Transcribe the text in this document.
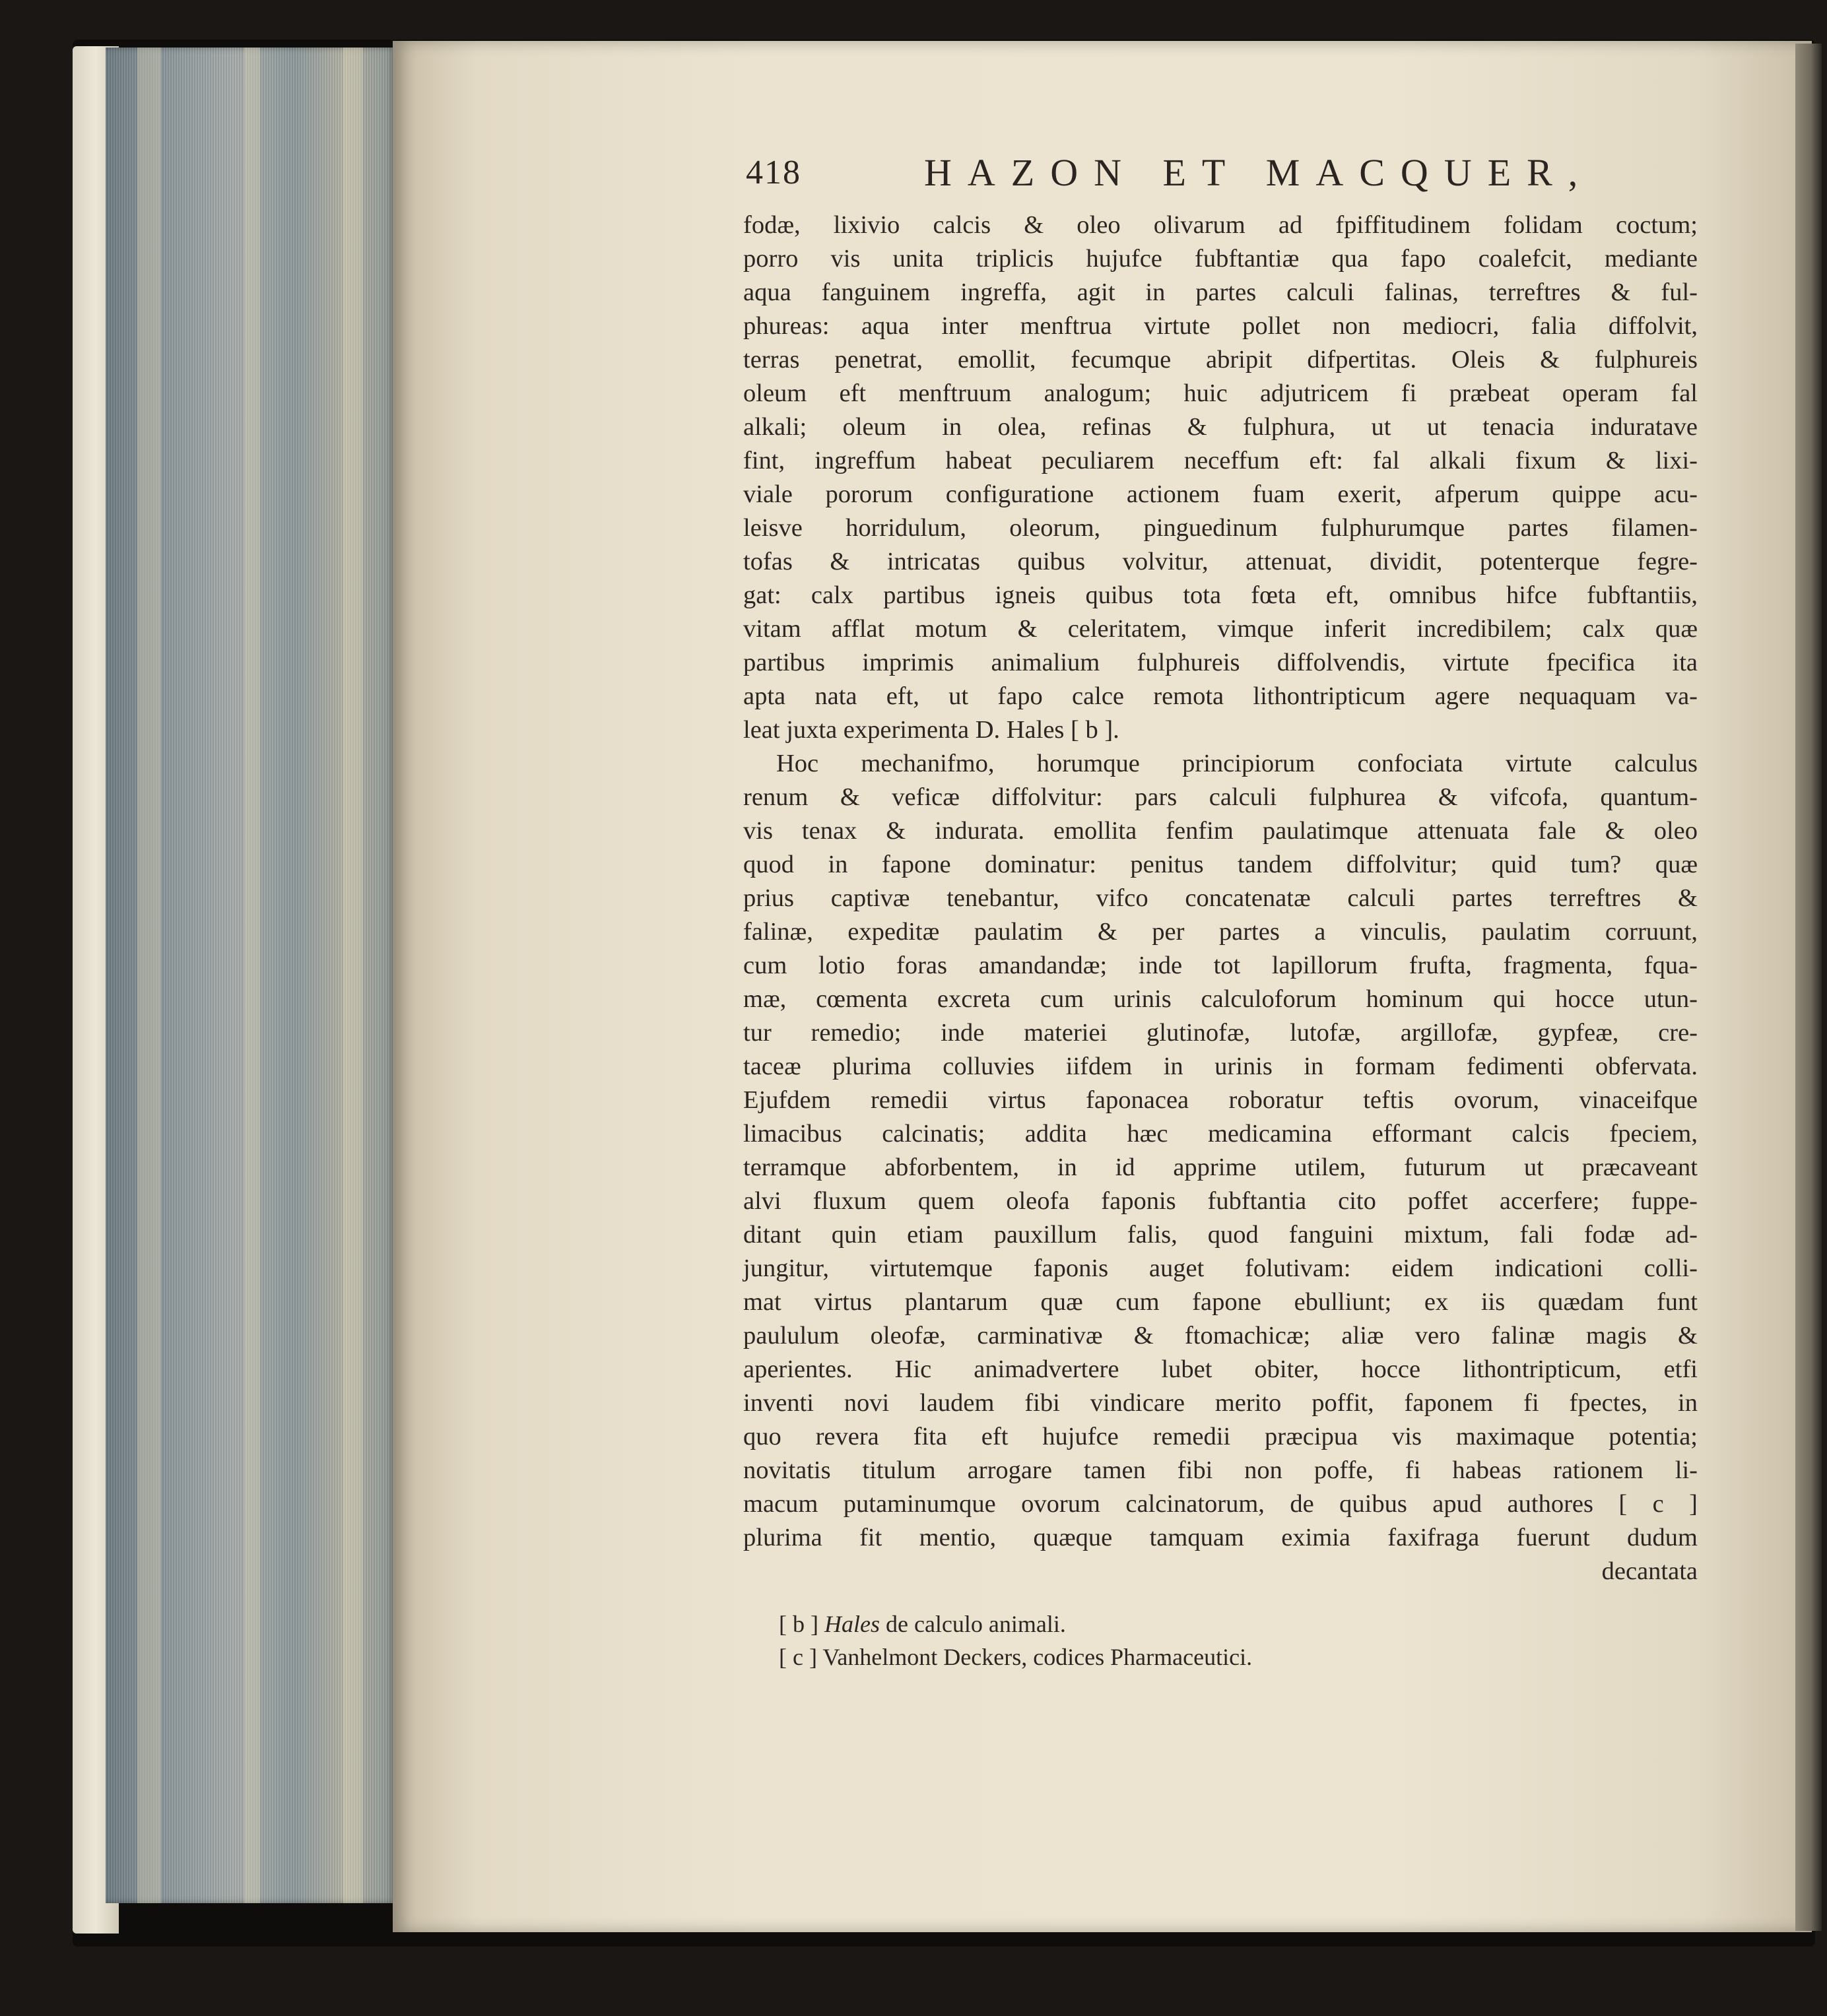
418	HAZON ET MACQUER,
fodæ, lixivio calcis & oleo olivarum ad fpiffitudinem folidam coctum;
porro vis unita triplicis hujufce fubftantiæ qua fapo coalefcit, mediante
aqua fanguinem ingreffa, agit in partes calculi falinas, terreftres & ful-
phureas: aqua inter menftrua virtute pollet non mediocri, falia diffolvit,
terras penetrat, emollit, fecumque abripit difpertitas. Oleis & fulphureis
oleum eft menftruum analogum; huic adjutricem fi præbeat operam fal
alkali; oleum in olea, refinas & fulphura, ut ut tenacia induratave
fint, ingreffum habeat peculiarem neceffum eft: fal alkali fixum & lixi-
viale pororum configuratione actionem fuam exerit, afperum quippe acu-
leisve horridulum, oleorum, pinguedinum fulphurumque partes filamen-
tofas & intricatas quibus volvitur, attenuat, dividit, potenterque fegre-
gat: calx partibus igneis quibus tota fœta eft, omnibus hifce fubftantiis,
vitam afflat motum & celeritatem, vimque inferit incredibilem; calx quæ
partibus imprimis animalium fulphureis diffolvendis, virtute fpecifica ita
apta nata eft, ut fapo calce remota lithontripticum agere nequaquam va-
leat juxta experimenta D. Hales [ b ].
Hoc mechanifmo, horumque principiorum confociata virtute calculus
renum & veficæ diffolvitur: pars calculi fulphurea & vifcofa, quantum-
vis tenax & indurata. emollita fenfim paulatimque attenuata fale & oleo
quod in fapone dominatur: penitus tandem diffolvitur; quid tum? quæ
prius captivæ tenebantur, vifco concatenatæ calculi partes terreftres &
falinæ, expeditæ paulatim & per partes a vinculis, paulatim corruunt,
cum lotio foras amandandæ; inde tot lapillorum frufta, fragmenta, fqua-
mæ, cœmenta excreta cum urinis calculoforum hominum qui hocce utun-
tur remedio; inde materiei glutinofæ, lutofæ, argillofæ, gypfeæ, cre-
taceæ plurima colluvies iifdem in urinis in formam fedimenti obfervata.
Ejufdem remedii virtus faponacea roboratur teftis ovorum, vinaceifque
limacibus calcinatis; addita hæc medicamina efformant calcis fpeciem,
terramque abforbentem, in id apprime utilem, futurum ut præcaveant
alvi fluxum quem oleofa faponis fubftantia cito poffet accerfere; fuppe-
ditant quin etiam pauxillum falis, quod fanguini mixtum, fali fodæ ad-
jungitur, virtutemque faponis auget folutivam: eidem indicationi colli-
mat virtus plantarum quæ cum fapone ebulliunt; ex iis quædam funt
paululum oleofæ, carminativæ & ftomachicæ; aliæ vero falinæ magis &
aperientes. Hic animadvertere lubet obiter, hocce lithontripticum, etfi
inventi novi laudem fibi vindicare merito poffit, faponem fi fpectes, in
quo revera fita eft hujufce remedii præcipua vis maximaque potentia;
novitatis titulum arrogare tamen fibi non poffe, fi habeas rationem li-
macum putaminumque ovorum calcinatorum, de quibus apud authores [ c ]
plurima fit mentio, quæque tamquam eximia faxifraga fuerunt dudum
decantata
[ b ] Hales de calculo animali.
[ c ] Vanhelmont Deckers, codices Pharmaceutici.
